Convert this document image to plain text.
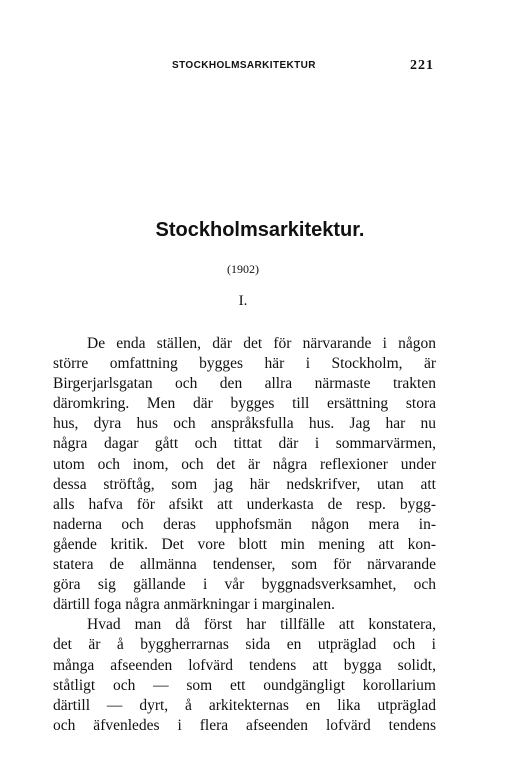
STOCKHOLMSARKITEKTUR	221
Stockholmsarkitektur.
(1902)
I.
De enda ställen, där det för närvarande i någon
större omfattning bygges här i Stockholm, är
Birgerjarlsgatan och den allra närmaste trakten
däromkring. Men där bygges till ersättning stora
hus, dyra hus och anspråksfulla hus. Jag har nu
några dagar gått och tittat där i sommarvärmen,
utom och inom, och det är några reflexioner under
dessa ströftåg, som jag här nedskrifver, utan att
alls hafva för afsikt att underkasta de resp. bygg-
naderna och deras upphofsmän någon mera in-
gående kritik. Det vore blott min mening att kon-
statera de allmänna tendenser, som för närvarande
göra sig gällande i vår byggnadsverksamhet, och
därtill foga några anmärkningar i marginalen.
Hvad man då först har tillfälle att konstatera,
det är å byggherrarnas sida en utpräglad och i
många afseenden lofvärd tendens att bygga solidt,
ståtligt och — som ett oundgängligt korollarium
därtill — dyrt, å arkitekternas en lika utpräglad
och äfvenledes i flera afseenden lofvärd tendens
